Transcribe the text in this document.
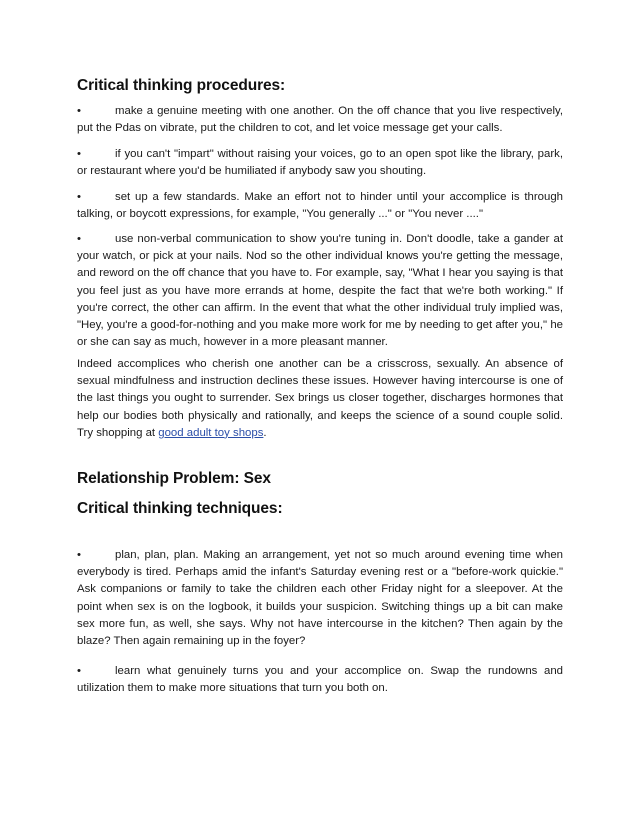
Critical thinking procedures:

•	make a genuine meeting with one another. On the off chance that you live respectively, put the Pdas on vibrate, put the children to cot, and let voice message get your calls.

•	if you can't "impart" without raising your voices, go to an open spot like the library, park, or restaurant where you'd be humiliated if anybody saw you shouting.

•	set up a few standards. Make an effort not to hinder until your accomplice is through talking, or boycott expressions, for example, "You generally ..." or "You never ...."

•	use non-verbal communication to show you're tuning in. Don't doodle, take a gander at your watch, or pick at your nails. Nod so the other individual knows you're getting the message, and reword on the off chance that you have to. For example, say, "What I hear you saying is that you feel just as you have more errands at home, despite the fact that we're both working." If you're correct, the other can affirm. In the event that what the other individual truly implied was, "Hey, you're a good-for-nothing and you make more work for me by needing to get after you," he or she can say as much, however in a more pleasant manner.

Indeed accomplices who cherish one another can be a crisscross, sexually. An absence of sexual mindfulness and instruction declines these issues. However having intercourse is one of the last things you ought to surrender. Sex brings us closer together, discharges hormones that help our bodies both physically and rationally, and keeps the science of a sound couple solid. Try shopping at good adult toy shops.

Relationship Problem: Sex
Critical thinking techniques:

•	plan, plan, plan. Making an arrangement, yet not so much around evening time when everybody is tired. Perhaps amid the infant's Saturday evening rest or a "before-work quickie." Ask companions or family to take the children each other Friday night for a sleepover. At the point when sex is on the logbook, it builds your suspicion. Switching things up a bit can make sex more fun, as well, she says. Why not have intercourse in the kitchen? Then again by the blaze? Then again remaining up in the foyer?

•	learn what genuinely turns you and your accomplice on. Swap the rundowns and utilization them to make more situations that turn you both on.
